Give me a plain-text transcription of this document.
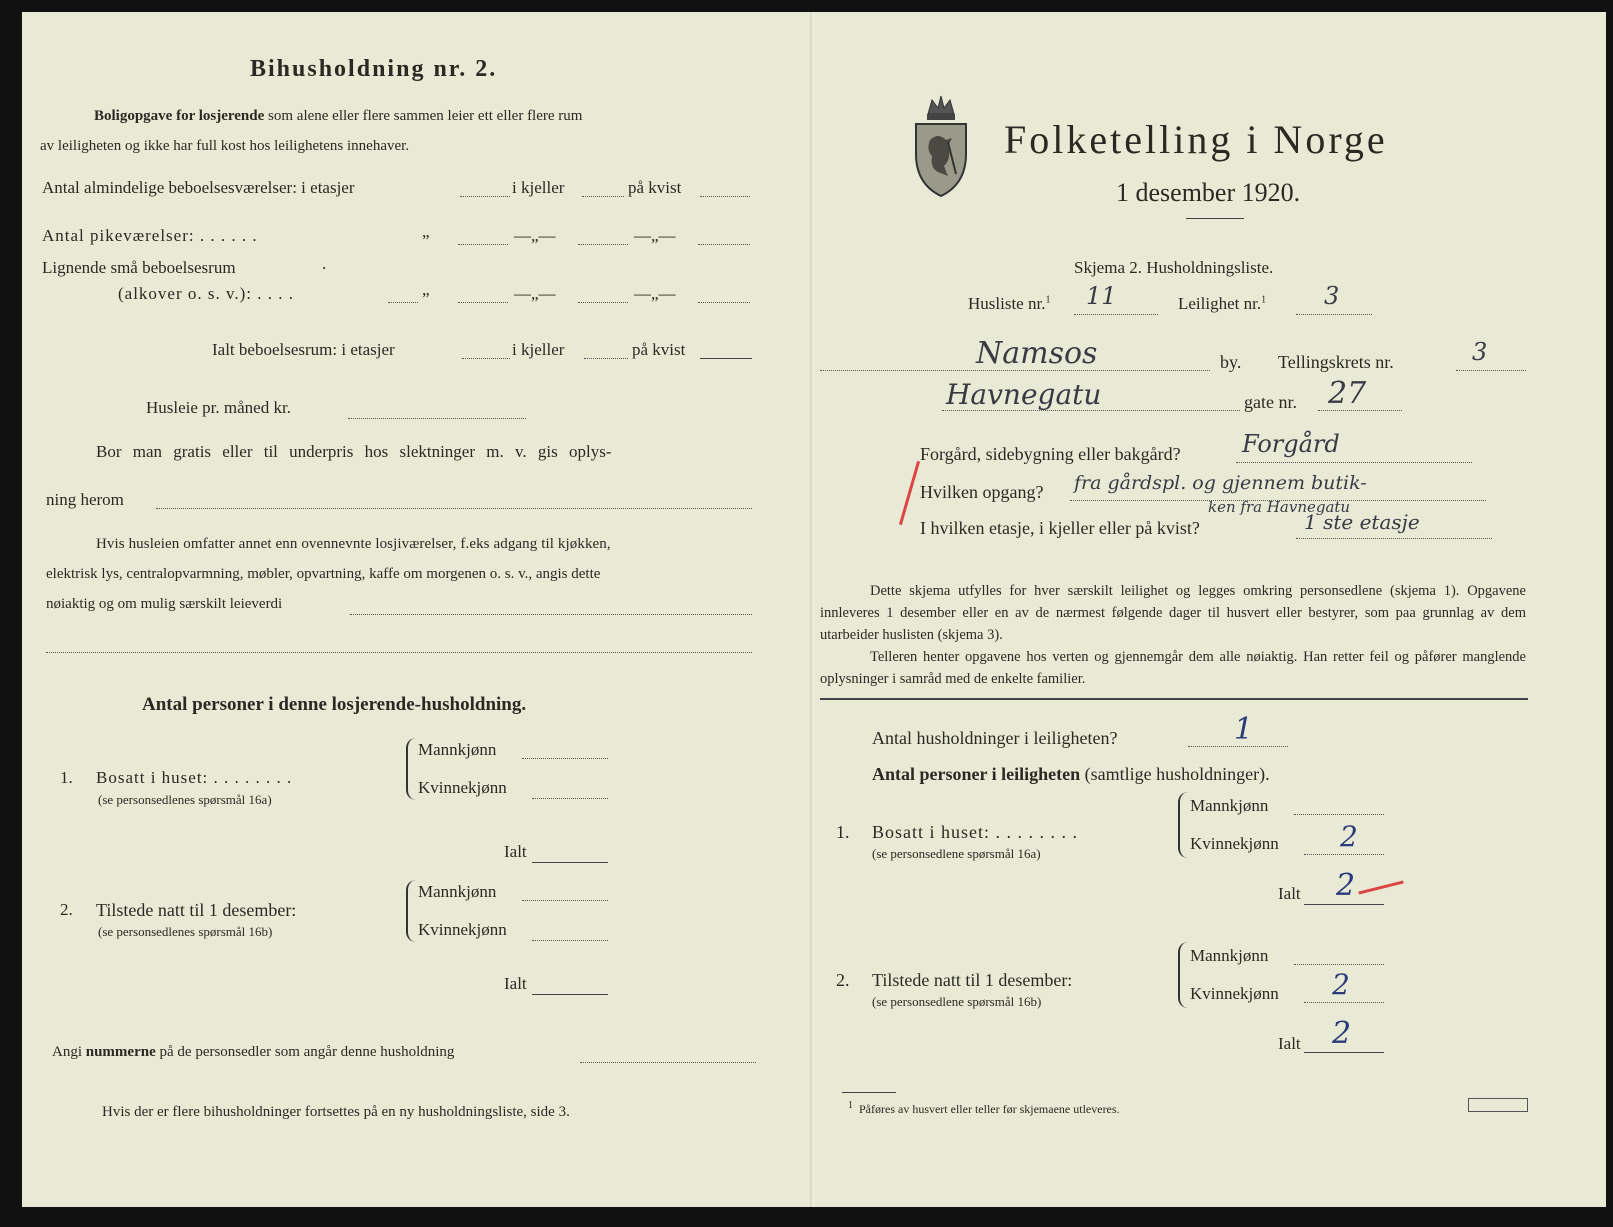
Bihusholdning nr. 2.
Boligopgave for losjerende som alene eller flere sammen leier ett eller flere rum
av leiligheten og ikke har full kost hos leilighetens innehaver.
Antal almindelige beboelsesværelser: i etasjer	i kjeller	på kvist
Antal pikeværelser: . . . . . .	„	—„—	—„—
Lignende små beboelsesrum	.
(alkover o. s. v.): . . . .	„	—„—	—„—
Ialt beboelsesrum: i etasjer	i kjeller	på kvist
Husleie pr. måned kr.
Bor man gratis eller til underpris hos slektninger m. v. gis oplys-
ning herom
Hvis husleien omfatter annet enn ovennevnte losjiværelser, f.eks adgang til kjøkken,
elektrisk lys, centralopvarmning, møbler, opvartning, kaffe om morgenen o. s. v., angis dette
nøiaktig og om mulig særskilt leieverdi
Antal personer i denne losjerende-husholdning.
1. Bosatt i huset: . . . . . . . .
(se personsedlenes spørsmål 16a)
Mannkjønn
Kvinnekjønn
Ialt
2. Tilstede natt til 1 desember:
(se personsedlenes spørsmål 16b)
Mannkjønn
Kvinnekjønn
Ialt
Angi nummerne på de personsedler som angår denne husholdning
Hvis der er flere bihusholdninger fortsettes på en ny husholdningsliste, side 3.
Folketelling i Norge
1 desember 1920.
Skjema 2. Husholdningsliste.
Husliste nr.$^1$ 11	Leilighet nr.$^1$ 3
Namsos	by. Tellingskrets nr.	3
Havnegatu	gate nr. 27
Forgård, sidebygning eller bakgård?	Forgård
Hvilken opgang? fra gårdspl. og gjennem butik-
ken fra Havnegatu
I hvilken etasje, i kjeller eller på kvist?	1 ste etasje
Dette skjema utfylles for hver særskilt leilighet og legges omkring personsedlene (skjema 1). Opgavene innleveres 1 desember eller en av de nærmest følgende dager til husvert eller bestyrer, som paa grunnlag av dem utarbeider huslisten (skjema 3).
Telleren henter opgavene hos verten og gjennemgår dem alle nøiaktig. Han retter feil og påfører manglende oplysninger i samråd med de enkelte familier.
Antal husholdninger i leiligheten?	1
Antal personer i leiligheten (samtlige husholdninger).
1. Bosatt i huset: . . . . . . . .
(se personsedlene spørsmål 16a)
Mannkjønn
Kvinnekjønn 2
Ialt 2
2. Tilstede natt til 1 desember:
(se personsedlene spørsmål 16b)
Mannkjønn
Kvinnekjønn 2
Ialt 2
$^1$ Påføres av husvert eller teller før skjemaene utleveres.
